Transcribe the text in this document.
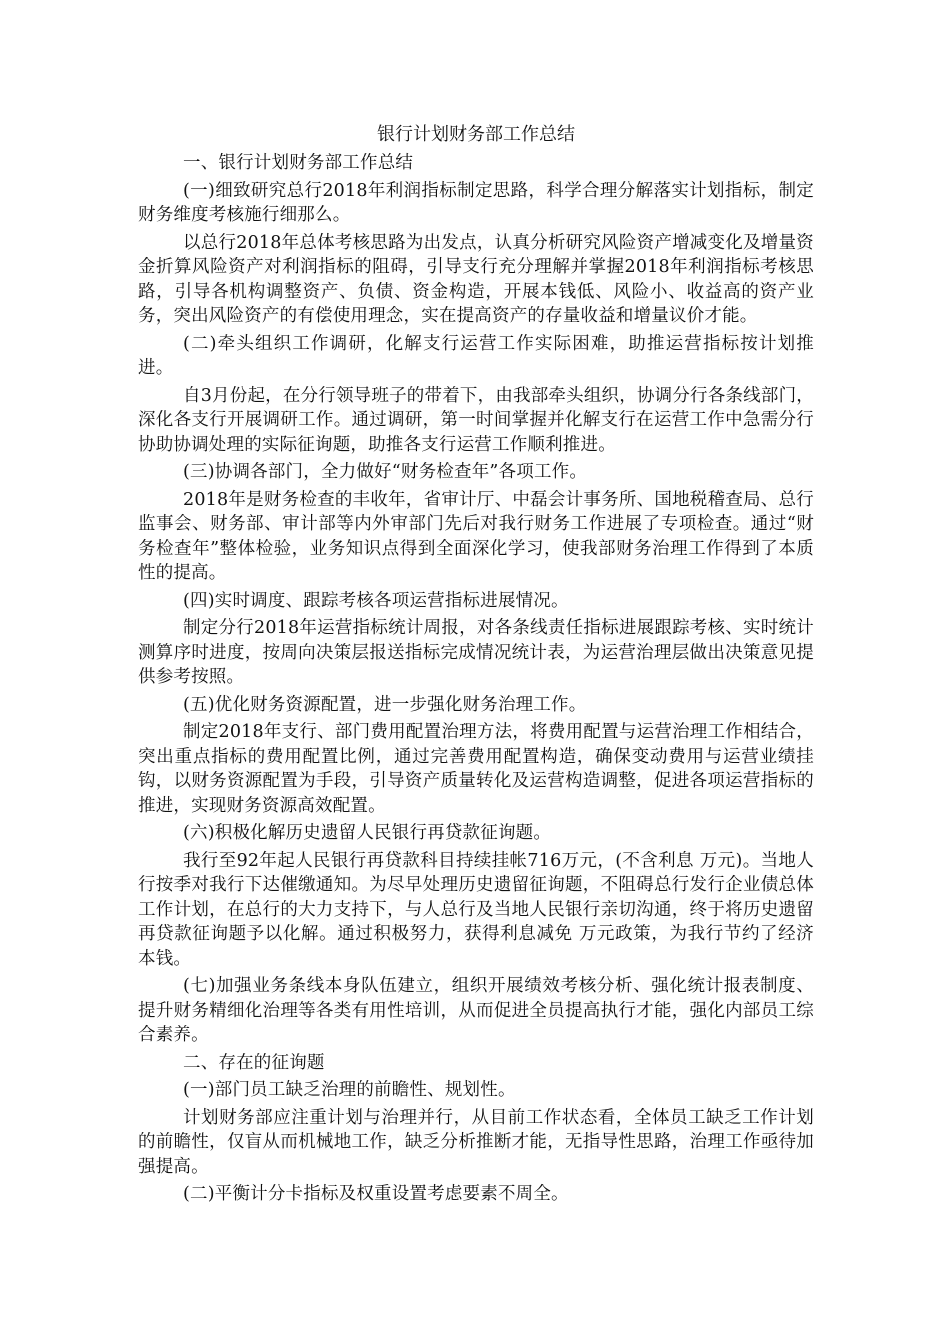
银行计划财务部工作总结

一、银行计划财务部工作总结

(一)细致研究总行2018年利润指标制定思路，科学合理分解落实计划指标，制定财务维度考核施行细那么。

以总行2018年总体考核思路为出发点，认真分析研究风险资产增减变化及增量资金折算风险资产对利润指标的阻碍，引导支行充分理解并掌握2018年利润指标考核思路，引导各机构调整资产、负债、资金构造，开展本钱低、风险小、收益高的资产业务，突出风险资产的有偿使用理念，实在提高资产的存量收益和增量议价才能。

(二)牵头组织工作调研，化解支行运营工作实际困难，助推运营指标按计划推进。

自3月份起，在分行领导班子的带着下，由我部牵头组织，协调分行各条线部门，深化各支行开展调研工作。通过调研，第一时间掌握并化解支行在运营工作中急需分行协助协调处理的实际征询题，助推各支行运营工作顺利推进。

(三)协调各部门，全力做好“财务检查年”各项工作。

2018年是财务检查的丰收年，省审计厅、中磊会计事务所、国地税稽查局、总行监事会、财务部、审计部等内外审部门先后对我行财务工作进展了专项检查。通过“财务检查年”整体检验，业务知识点得到全面深化学习，使我部财务治理工作得到了本质性的提高。

(四)实时调度、跟踪考核各项运营指标进展情况。

制定分行2018年运营指标统计周报，对各条线责任指标进展跟踪考核、实时统计测算序时进度，按周向决策层报送指标完成情况统计表，为运营治理层做出决策意见提供参考按照。

(五)优化财务资源配置，进一步强化财务治理工作。

制定2018年支行、部门费用配置治理方法，将费用配置与运营治理工作相结合，突出重点指标的费用配置比例，通过完善费用配置构造，确保变动费用与运营业绩挂钩，以财务资源配置为手段，引导资产质量转化及运营构造调整，促进各项运营指标的推进，实现财务资源高效配置。

(六)积极化解历史遗留人民银行再贷款征询题。

我行至92年起人民银行再贷款科目持续挂帐716万元，(不含利息 万元)。当地人行按季对我行下达催缴通知。为尽早处理历史遗留征询题，不阻碍总行发行企业债总体工作计划，在总行的大力支持下，与人总行及当地人民银行亲切沟通，终于将历史遗留再贷款征询题予以化解。通过积极努力，获得利息减免 万元政策，为我行节约了经济本钱。

(七)加强业务条线本身队伍建立，组织开展绩效考核分析、强化统计报表制度、提升财务精细化治理等各类有用性培训，从而促进全员提高执行才能，强化内部员工综合素养。

二、存在的征询题

(一)部门员工缺乏治理的前瞻性、规划性。

计划财务部应注重计划与治理并行，从目前工作状态看，全体员工缺乏工作计划的前瞻性，仅盲从而机械地工作，缺乏分析推断才能，无指导性思路，治理工作亟待加强提高。

(二)平衡计分卡指标及权重设置考虑要素不周全。
